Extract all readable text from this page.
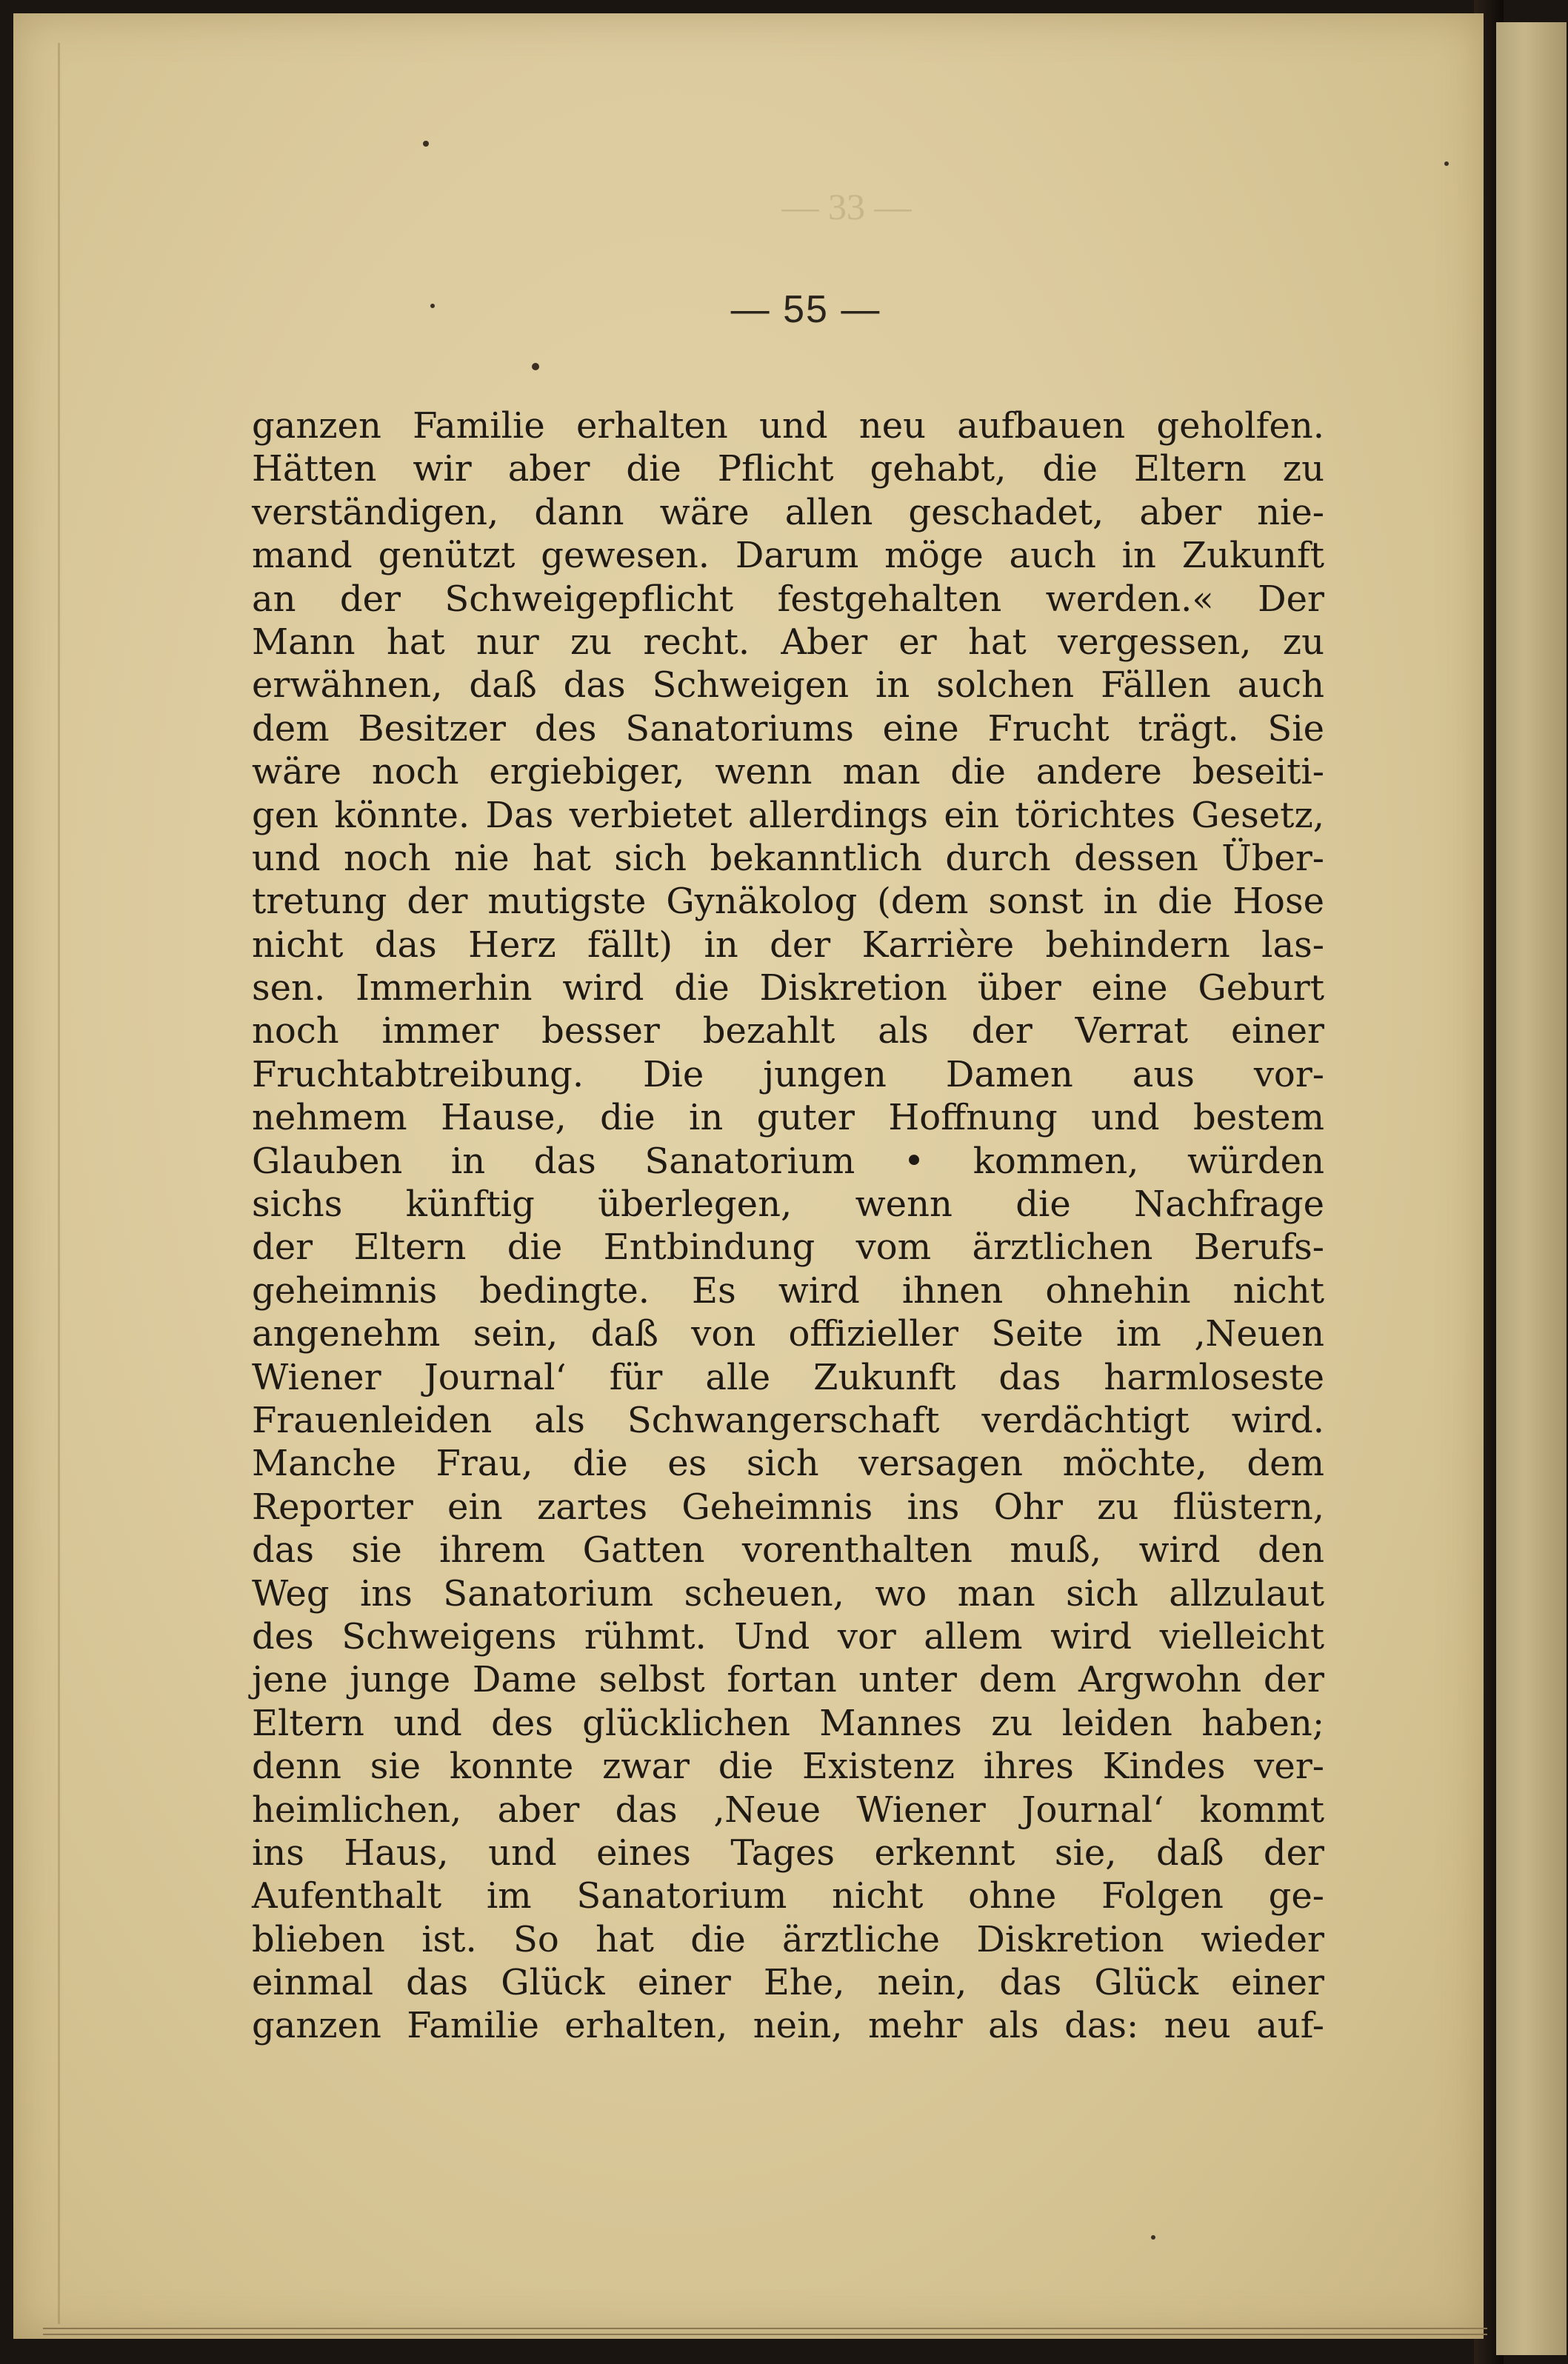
— 33 —
— 55 —
ganzen Familie erhalten und neu aufbauen geholfen.
Hätten wir aber die Pflicht gehabt, die Eltern zu
verständigen, dann wäre allen geschadet, aber nie-
mand genützt gewesen. Darum möge auch in Zukunft
an der Schweigepflicht festgehalten werden.« Der
Mann hat nur zu recht. Aber er hat vergessen, zu
erwähnen, daß das Schweigen in solchen Fällen auch
dem Besitzer des Sanatoriums eine Frucht trägt. Sie
wäre noch ergiebiger, wenn man die andere beseiti-
gen könnte. Das verbietet allerdings ein törichtes Gesetz,
und noch nie hat sich bekanntlich durch dessen Über-
tretung der mutigste Gynäkolog (dem sonst in die Hose
nicht das Herz fällt) in der Karrière behindern las-
sen. Immerhin wird die Diskretion über eine Geburt
noch immer besser bezahlt als der Verrat einer
Fruchtabtreibung. Die jungen Damen aus vor-
nehmem Hause, die in guter Hoffnung und bestem
Glauben in das Sanatorium • kommen, würden
sichs künftig überlegen, wenn die Nachfrage
der Eltern die Entbindung vom ärztlichen Berufs-
geheimnis bedingte. Es wird ihnen ohnehin nicht
angenehm sein, daß von offizieller Seite im ‚Neuen
Wiener Journal‘ für alle Zukunft das harmloseste
Frauenleiden als Schwangerschaft verdächtigt wird.
Manche Frau, die es sich versagen möchte, dem
Reporter ein zartes Geheimnis ins Ohr zu flüstern,
das sie ihrem Gatten vorenthalten muß, wird den
Weg ins Sanatorium scheuen, wo man sich allzulaut
des Schweigens rühmt. Und vor allem wird vielleicht
jene junge Dame selbst fortan unter dem Argwohn der
Eltern und des glücklichen Mannes zu leiden haben;
denn sie konnte zwar die Existenz ihres Kindes ver-
heimlichen, aber das ‚Neue Wiener Journal‘ kommt
ins Haus, und eines Tages erkennt sie, daß der
Aufenthalt im Sanatorium nicht ohne Folgen ge-
blieben ist. So hat die ärztliche Diskretion wieder
einmal das Glück einer Ehe, nein, das Glück einer
ganzen Familie erhalten, nein, mehr als das: neu auf-
